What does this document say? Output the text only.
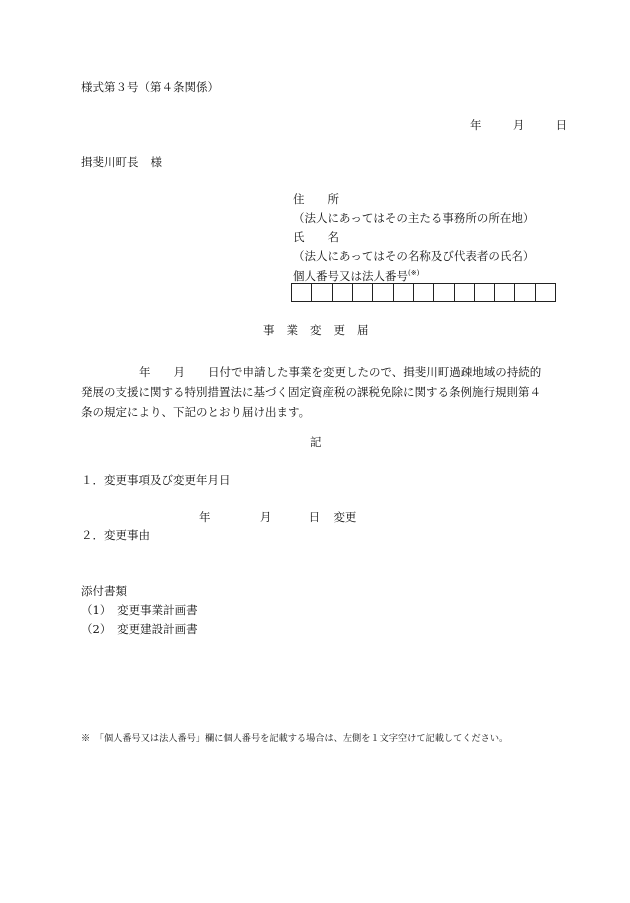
様式第３号（第４条関係）
年	月	日
揖斐川町長 様
住　　所
（法人にあってはその主たる事務所の所在地）
氏　　名
（法人にあってはその名称及び代表者の氏名）
個人番号又は法人番号(※)
事業変更届
年　　月　　日付で申請した事業を変更したので、揖斐川町過疎地域の持続的
発展の支援に関する特別措置法に基づく固定資産税の課税免除に関する条例施行規則第４
条の規定により、下記のとおり届け出ます。
記
１．変更事項及び変更年月日
年	月	日 変更
２．変更事由
添付書類
（1）　変更事業計画書
（2）　変更建設計画書
※　「個人番号又は法人番号」欄に個人番号を記載する場合は、左側を１文字空けて記載してください。
